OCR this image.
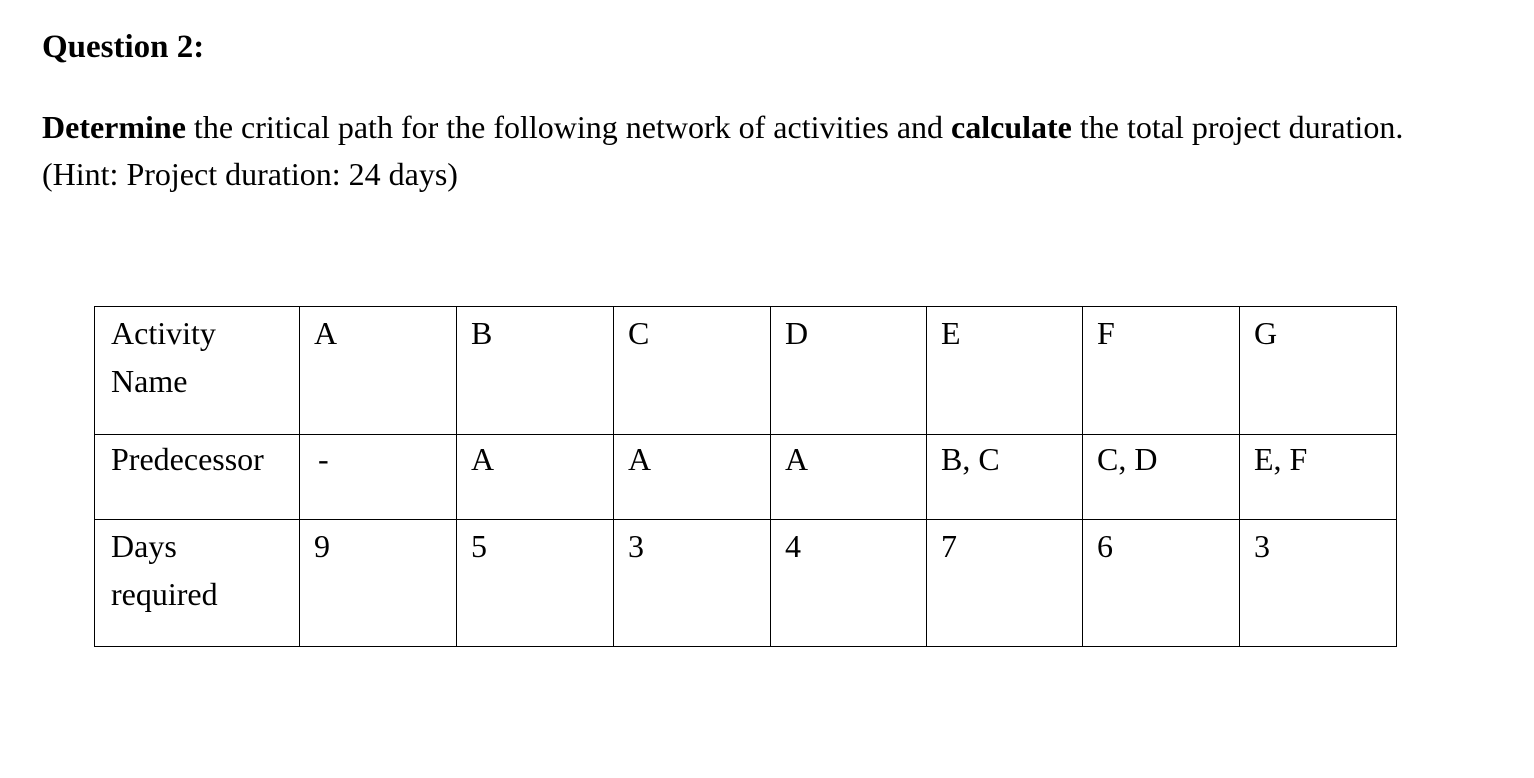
Question 2:

Determine the critical path for the following network of activities and calculate the total project duration. (Hint: Project duration: 24 days)

Activity Name	A	B	C	D	E	F	G
Predecessor	-	A	A	A	B, C	C, D	E, F
Days required	9	5	3	4	7	6	3
